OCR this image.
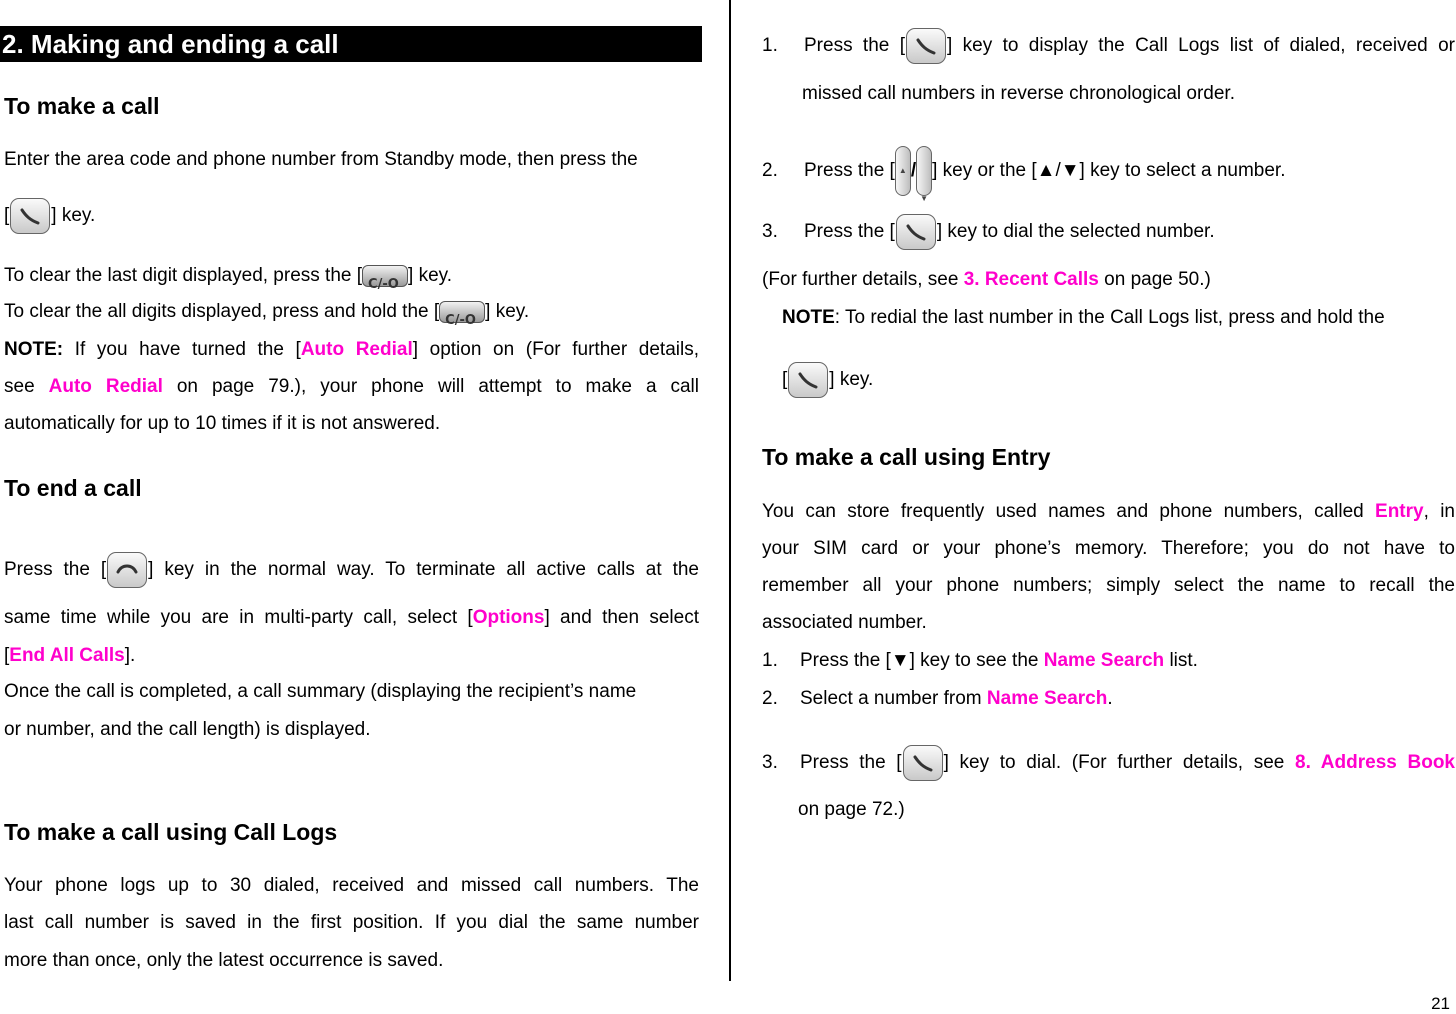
2. Making and ending a call
To make a call
Enter the area code and phone number from Standby mode, then press the
[ ] key.
To clear the last digit displayed, press the [ C/-O ] key.
To clear the all digits displayed, press and hold the [ C/-O ] key.
NOTE: If you have turned the [Auto Redial] option on (For further details,
see Auto Redial on page 79.), your phone will attempt to make a call
automatically for up to 10 times if it is not answered.
To end a call
Press the [ ] key in the normal way. To terminate all active calls at the
same time while you are in multi-party call, select [Options] and then select
[End All Calls].
Once the call is completed, a call summary (displaying the recipient’s name
or number, and the call length) is displayed.
To make a call using Call Logs
Your phone logs up to 30 dialed, received and missed call numbers. The
last call number is saved in the first position. If you dial the same number
more than once, only the latest occurrence is saved.
1. Press the [ ] key to display the Call Logs list of dialed, received or
missed call numbers in reverse chronological order.
2. Press the [ ▲ /
▼
] key or the [▲/▼] key to select a number.
3. Press the [ ] key to dial the selected number.
(For further details, see 3. Recent Calls on page 50.)
NOTE: To redial the last number in the Call Logs list, press and hold the
[ ] key.
To make a call using Entry
You can store frequently used names and phone numbers, called Entry, in
your SIM card or your phone’s memory. Therefore; you do not have to
remember all your phone numbers; simply select the name to recall the
associated number.
1. Press the [▼] key to see the Name Search list.
2. Select a number from Name Search.
3. Press the [ ] key to dial. (For further details, see 8. Address Book
on page 72.)
21
